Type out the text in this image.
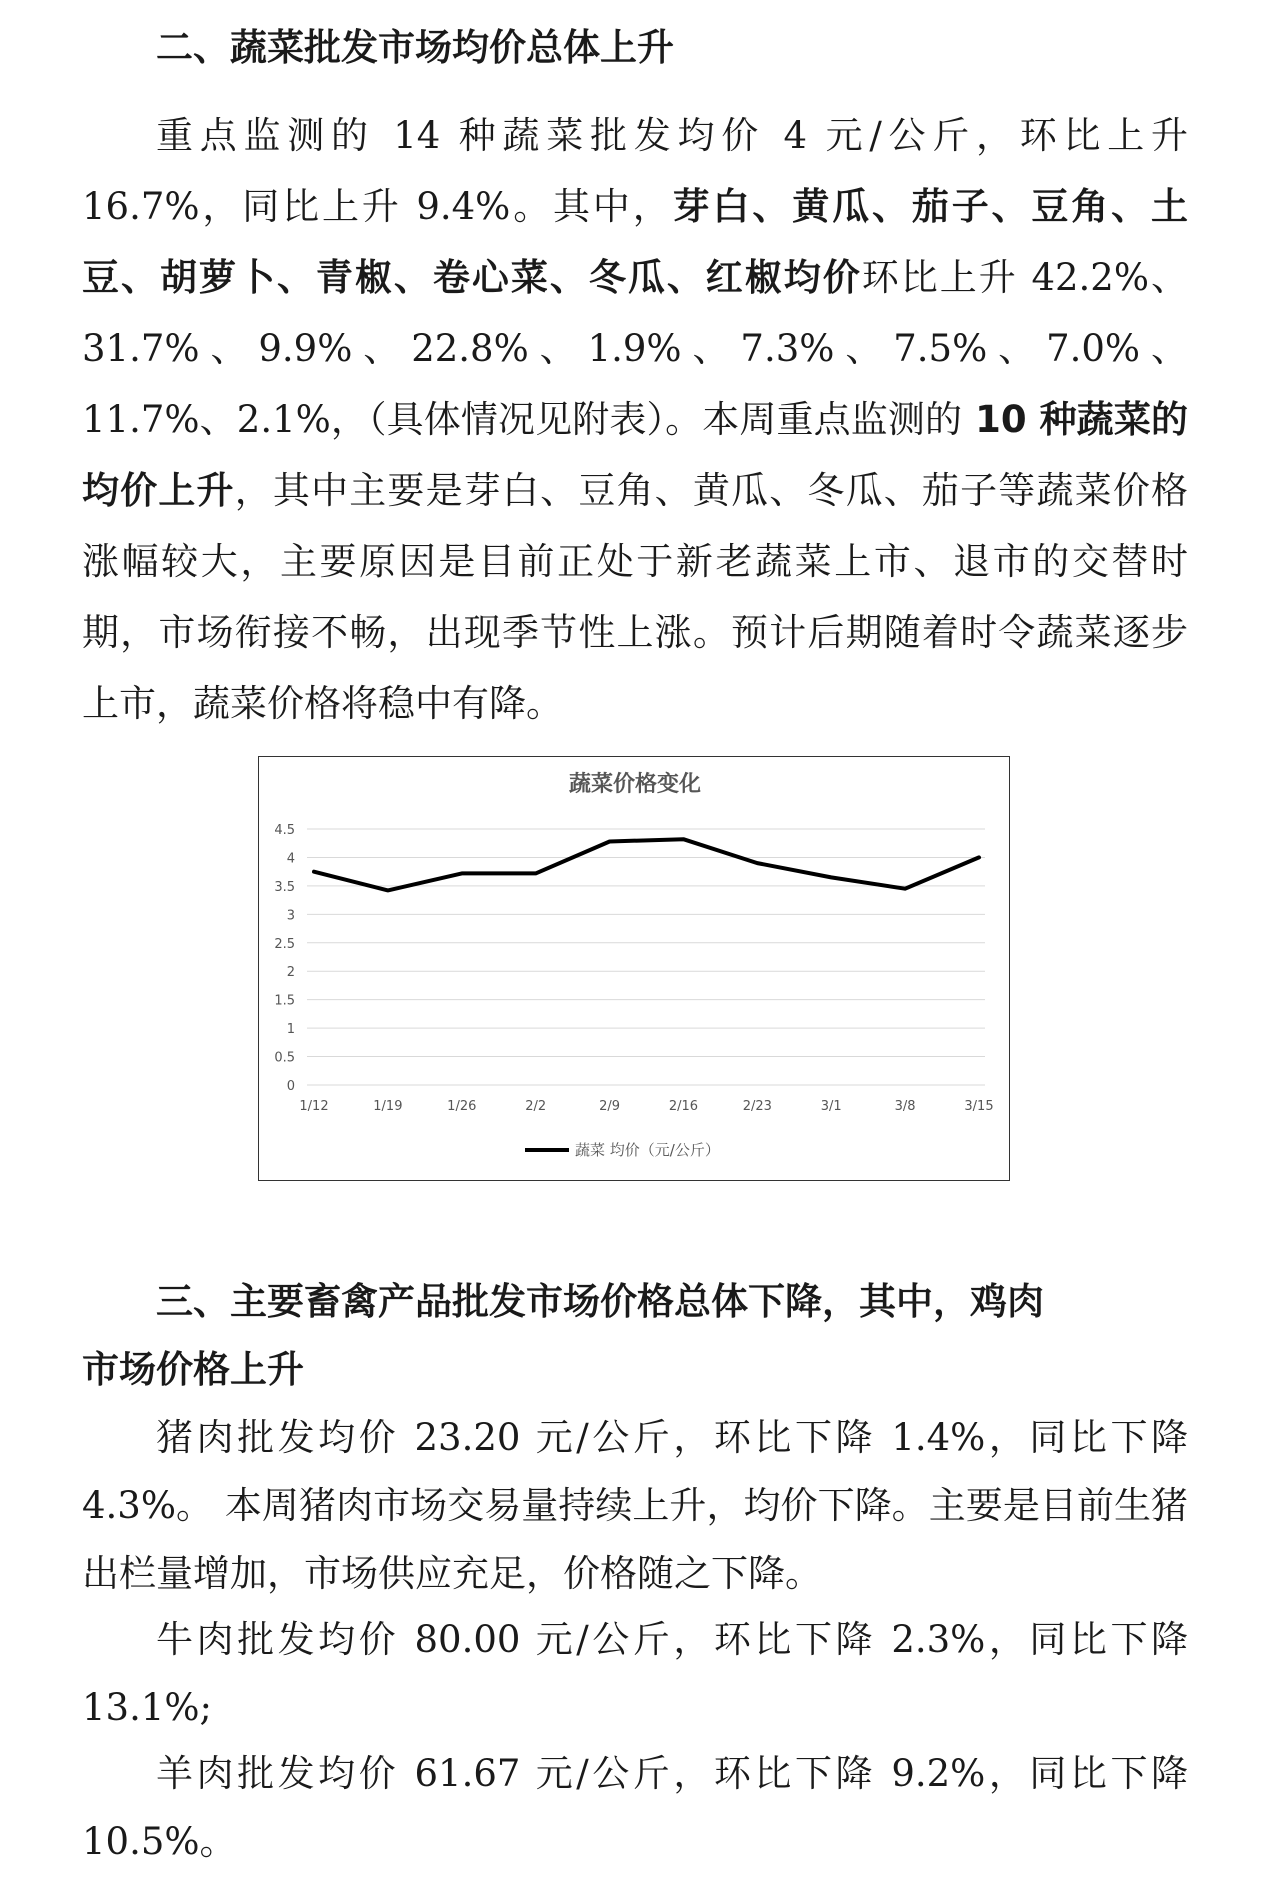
二、蔬菜批发市场均价总体上升

重点监测的 14 种蔬菜批发均价 4 元/公斤，环比上升 16.7%，同比上升 9.4%。其中，芽白、黄瓜、茄子、豆角、土豆、胡萝卜、青椒、卷心菜、冬瓜、红椒均价环比上升 42.2%、31.7%、9.9%、22.8%、1.9%、7.3%、7.5%、7.0%、11.7%、2.1%，（具体情况见附表）。本周重点监测的 10 种蔬菜的均价上升，其中主要是芽白、豆角、黄瓜、冬瓜、茄子等蔬菜价格涨幅较大，主要原因是目前正处于新老蔬菜上市、退市的交替时期，市场衔接不畅，出现季节性上涨。预计后期随着时令蔬菜逐步上市，蔬菜价格将稳中有降。

蔬菜价格变化
0
0.5
1
1.5
2
2.5
3
3.5
4
4.5
1/12	1/19	1/26	2/2	2/9	2/16	2/23	3/1	3/8	3/15
蔬菜 均价（元/公斤）
三、主要畜禽产品批发市场价格总体下降，其中，鸡肉
市场价格上升

猪肉批发均价 23.20 元/公斤，环比下降 1.4%，同比下降 4.3%。 本周猪肉市场交易量持续上升，均价下降。主要是目前生猪出栏量增加，市场供应充足，价格随之下降。

牛肉批发均价 80.00 元/公斤，环比下降 2.3%，同比下降 13.1%;

羊肉批发均价 61.67 元/公斤，环比下降 9.2%，同比下降 10.5%。
